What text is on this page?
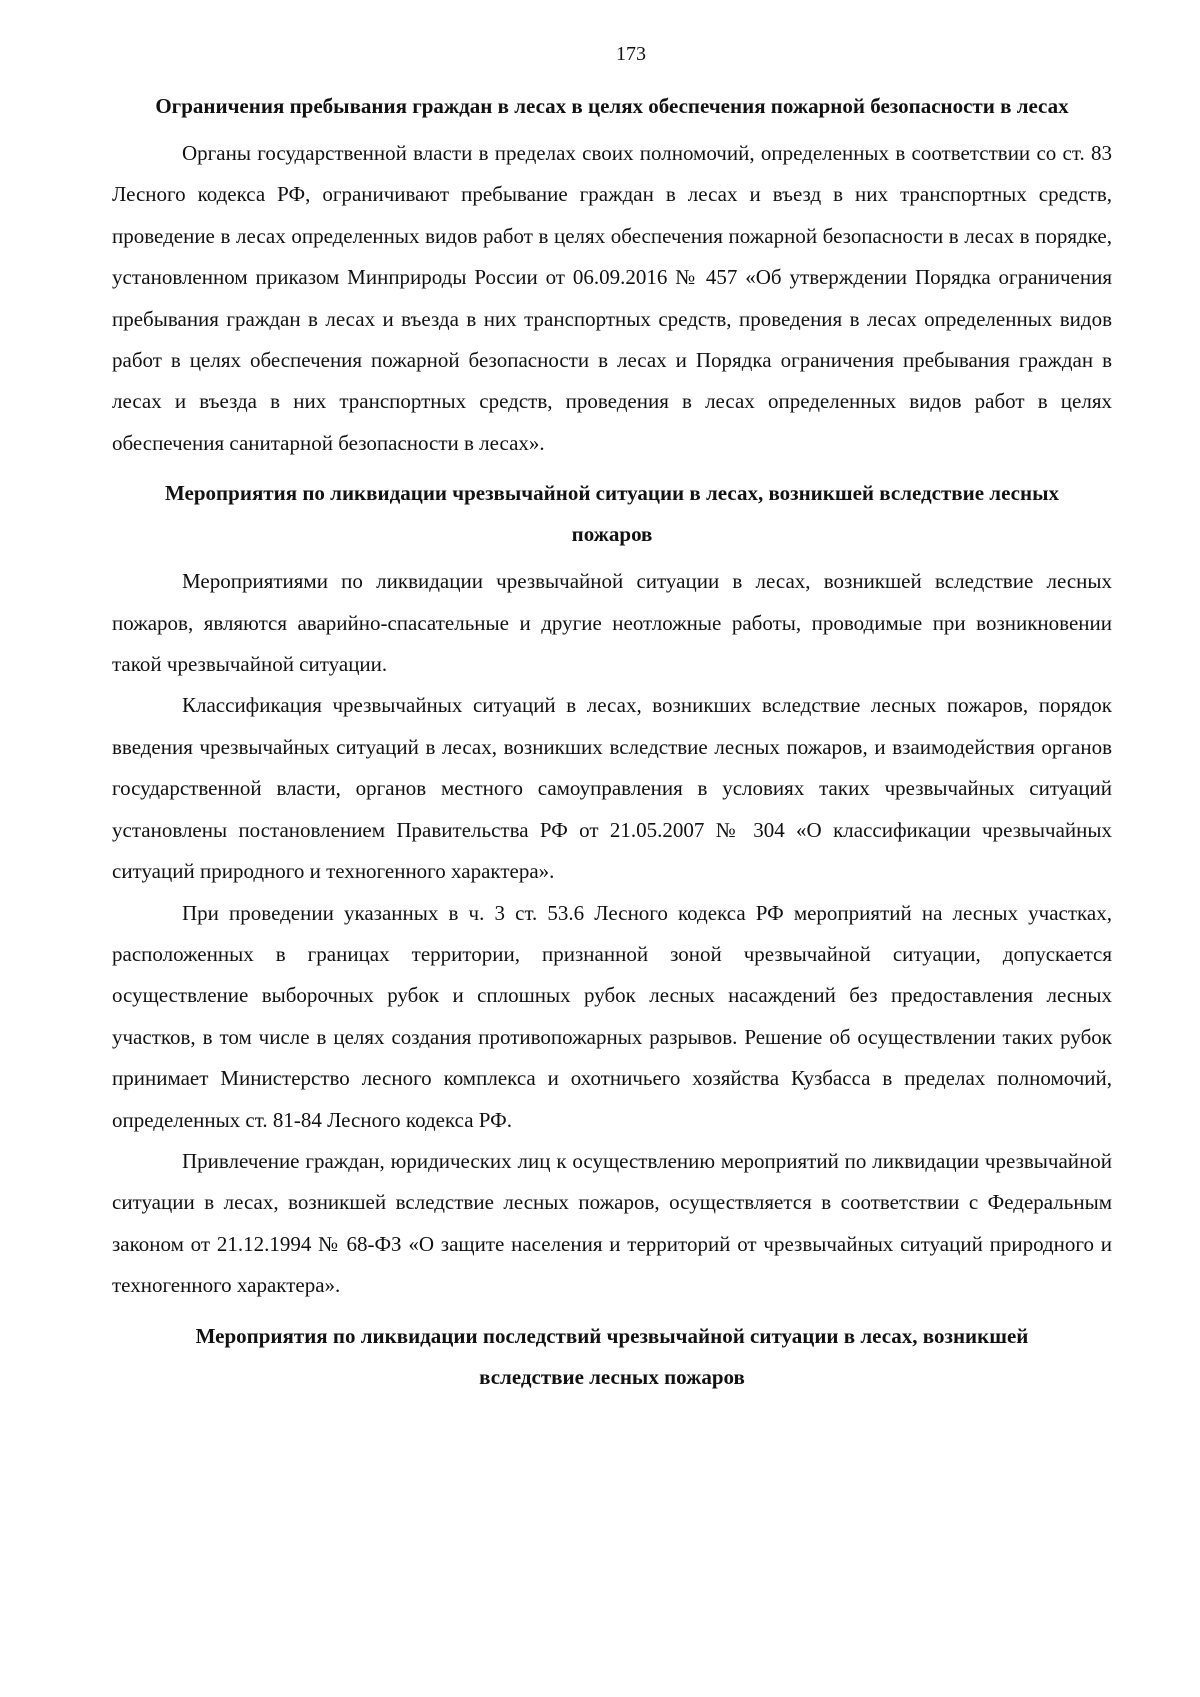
173
Ограничения пребывания граждан в лесах в целях обеспечения пожарной безопасности в лесах

Органы государственной власти в пределах своих полномочий, определенных в соответствии со ст. 83 Лесного кодекса РФ, ограничивают пребывание граждан в лесах и въезд в них транспортных средств, проведение в лесах определенных видов работ в целях обеспечения пожарной безопасности в лесах в порядке, установленном приказом Минприроды России от 06.09.2016 № 457 «Об утверждении Порядка ограничения пребывания граждан в лесах и въезда в них транспортных средств, проведения в лесах определенных видов работ в целях обеспечения пожарной безопасности в лесах и Порядка ограничения пребывания граждан в лесах и въезда в них транспортных средств, проведения в лесах определенных видов работ в целях обеспечения санитарной безопасности в лесах».

Мероприятия по ликвидации чрезвычайной ситуации в лесах, возникшей вследствие лесных пожаров

Мероприятиями по ликвидации чрезвычайной ситуации в лесах, возникшей вследствие лесных пожаров, являются аварийно-спасательные и другие неотложные работы, проводимые при возникновении такой чрезвычайной ситуации.

Классификация чрезвычайных ситуаций в лесах, возникших вследствие лесных пожаров, порядок введения чрезвычайных ситуаций в лесах, возникших вследствие лесных пожаров, и взаимодействия органов государственной власти, органов местного самоуправления в условиях таких чрезвычайных ситуаций установлены постановлением Правительства РФ от 21.05.2007 № 304 «О классификации чрезвычайных ситуаций природного и техногенного характера».

При проведении указанных в ч. 3 ст. 53.6 Лесного кодекса РФ мероприятий на лесных участках, расположенных в границах территории, признанной зоной чрезвычайной ситуации, допускается осуществление выборочных рубок и сплошных рубок лесных насаждений без предоставления лесных участков, в том числе в целях создания противопожарных разрывов. Решение об осуществлении таких рубок принимает Министерство лесного комплекса и охотничьего хозяйства Кузбасса в пределах полномочий, определенных ст. 81-84 Лесного кодекса РФ.

Привлечение граждан, юридических лиц к осуществлению мероприятий по ликвидации чрезвычайной ситуации в лесах, возникшей вследствие лесных пожаров, осуществляется в соответствии с Федеральным законом от 21.12.1994 № 68-ФЗ «О защите населения и территорий от чрезвычайных ситуаций природного и техногенного характера».

Мероприятия по ликвидации последствий чрезвычайной ситуации в лесах, возникшей вследствие лесных пожаров
